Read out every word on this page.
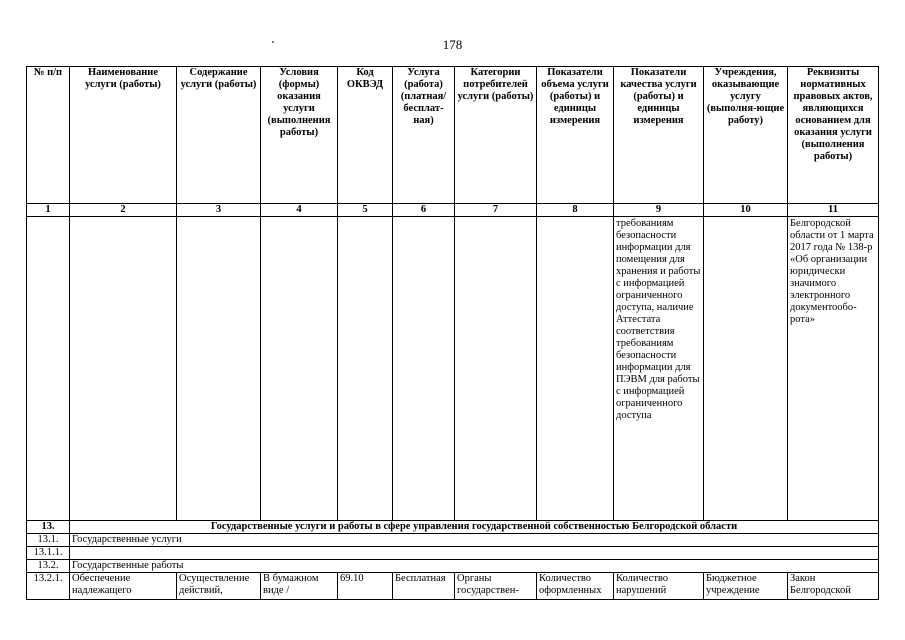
178
№ п/п	Наименование услуги (работы)	Содержание услуги (работы)	Условия (формы) оказания услуги (выполнения работы)	Код ОКВЭД	Услуга (работа) (платная/ бесплат-ная)	Категории потребителей услуги (работы)	Показатели объема услуги (работы) и единицы измерения	Показатели качества услуги (работы) и единицы измерения	Учреждения, оказывающие услугу (выполня-ющие работу)	Реквизиты нормативных правовых актов, являющихся основанием для оказания услуги (выполнения работы)
1	2	3	4	5	6	7	8	9	10	11
								требованиям безопасности информации для помещения для хранения и работы с информацией ограниченного доступа, наличие Аттестата соответствия требованиям безопасности информации для ПЭВМ для работы с информацией ограниченного доступа		Белгородской области от 1 марта 2017 года № 138-р «Об организации юридически значимого электронного документообо-рота»
13.	Государственные услуги и работы в сфере управления государственной собственностью Белгородской области									
13.1.	Государственные услуги									
13.1.1.										
13.2.	Государственные работы									
13.2.1.	Обеспечение надлежащего	Осуществление действий,	В бумажном виде /	69.10	Бесплатная	Органы государствен-	Количество оформленных	Количество нарушений	Бюджетное учреждение	Закон Белгородской
